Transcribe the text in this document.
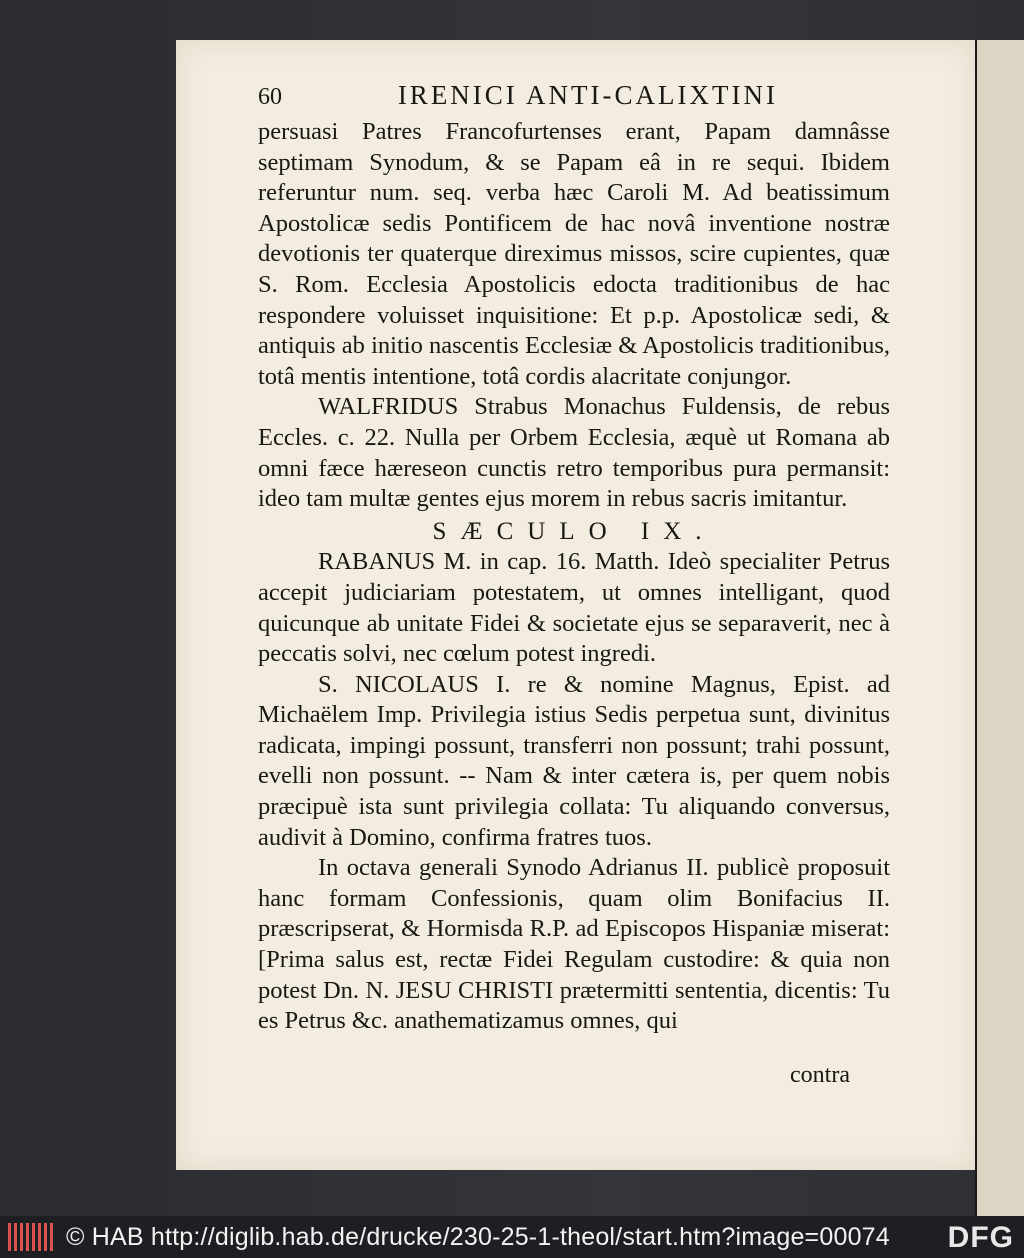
60	IRENICI ANTI-CALIXTINI

persuasi Patres Francofurtenses erant, Papam damnâsse septimam Synodum, & se Papam eâ in re sequi. Ibidem referuntur num. seq. verba hæc Caroli M. Ad beatissimum Apostolicæ sedis Pontificem de hac novâ inventione nostræ devotionis ter quaterque direximus missos, scire cupientes, quæ S. Rom. Ecclesia Apostolicis edocta traditionibus de hac respondere voluisset inquisitione: Et p.p. Apostolicæ sedi, & antiquis ab initio nascentis Ecclesiæ & Apostolicis traditionibus, totâ mentis intentione, totâ cordis alacritate conjungor.

WALFRIDUS Strabus Monachus Fuldensis, de rebus Eccles. c. 22. Nulla per Orbem Ecclesia, æquè ut Romana ab omni fæce hæreseon cunctis retro temporibus pura permansit: ideo tam multæ gentes ejus morem in rebus sacris imitantur.

SÆCULO IX.

RABANUS M. in cap. 16. Matth. Ideò specialiter Petrus accepit judiciariam potestatem, ut omnes intelligant, quod quicunque ab unitate Fidei & societate ejus se separaverit, nec à peccatis solvi, nec cœlum potest ingredi.

S. NICOLAUS I. re & nomine Magnus, Epist. ad Michaëlem Imp. Privilegia istius Sedis perpetua sunt, divinitus radicata, impingi possunt, transferri non possunt; trahi possunt, evelli non possunt. -- Nam & inter cætera is, per quem nobis præcipuè ista sunt privilegia collata: Tu aliquando conversus, audivit à Domino, confirma fratres tuos.

In octava generali Synodo Adrianus II. publicè proposuit hanc formam Confessionis, quam olim Bonifacius II. præscripserat, & Hormisda R.P. ad Episcopos Hispaniæ miserat: [Prima salus est, rectæ Fidei Regulam custodire: & quia non potest Dn. N. JESU CHRISTI prætermitti sententia, dicentis: Tu es Petrus &c. anathematizamus omnes, qui

contra
© HAB http://diglib.hab.de/drucke/230-25-1-theol/start.htm?image=00074 DFG
